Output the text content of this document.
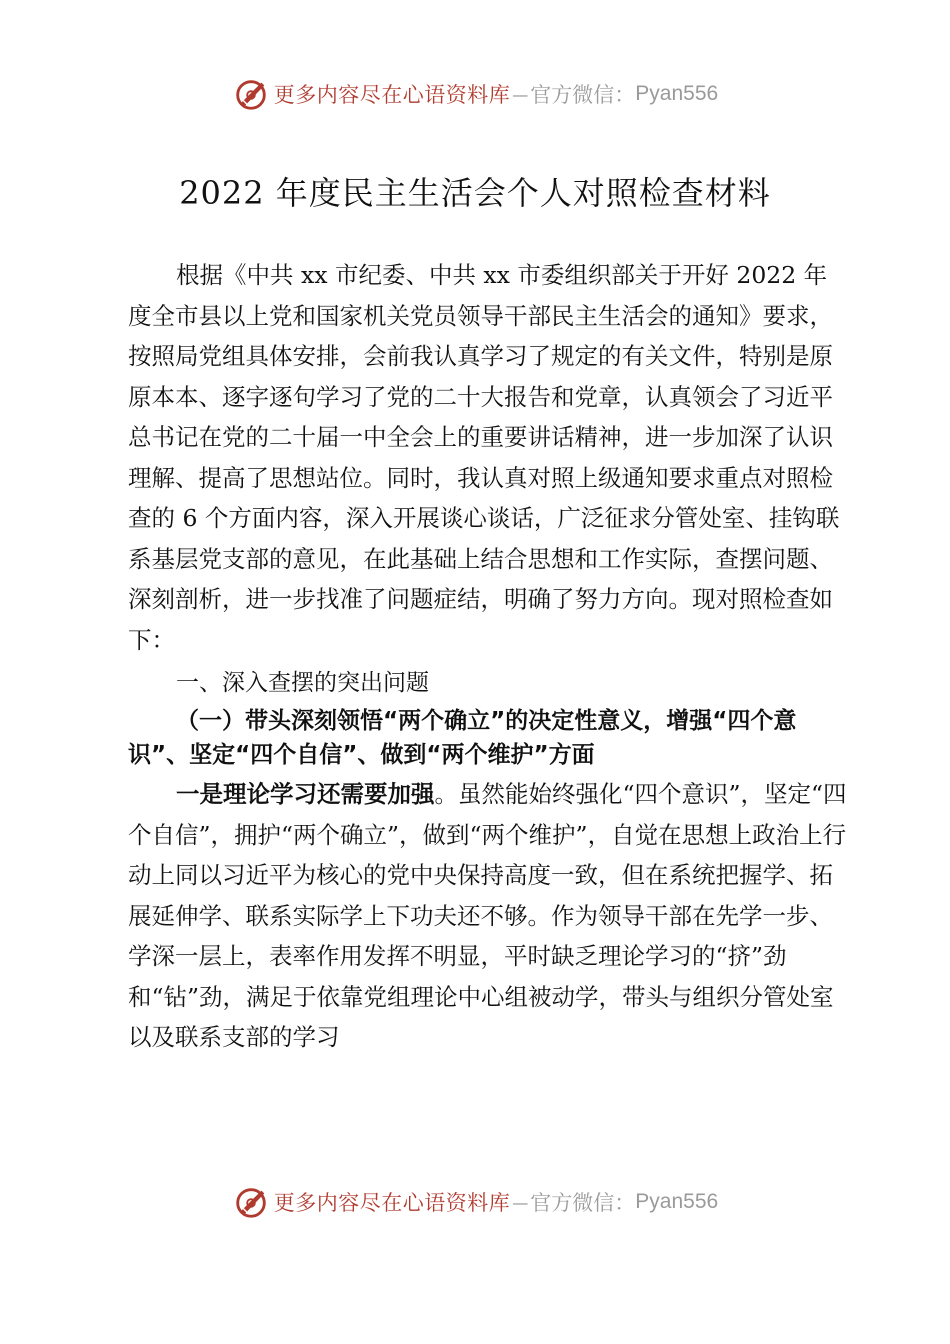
更多内容尽在心语资料库 — 官方微信： Pyan556
2022 年度民主生活会个人对照检查材料

根据《中共 xx 市纪委、中共 xx 市委组织部关于开好 2022 年度全市县以上党和国家机关党员领导干部民主生活会的通知》要求，按照局党组具体安排，会前我认真学习了规定的有关文件，特别是原原本本、逐字逐句学习了党的二十大报告和党章，认真领会了习近平总书记在党的二十届一中全会上的重要讲话精神，进一步加深了认识理解、提高了思想站位。同时，我认真对照上级通知要求重点对照检查的 6 个方面内容，深入开展谈心谈话，广泛征求分管处室、挂钩联系基层党支部的意见，在此基础上结合思想和工作实际，查摆问题、深刻剖析，进一步找准了问题症结，明确了努力方向。现对照检查如下：

一、深入查摆的突出问题
（一）带头深刻领悟“两个确立”的决定性意义，增强“四个意识”、坚定“四个自信”、做到“两个维护”方面

一是理论学习还需要加强。虽然能始终强化“四个意识”，坚定“四个自信”，拥护“两个确立”，做到“两个维护”，自觉在思想上政治上行动上同以习近平为核心的党中央保持高度一致，但在系统把握学、拓展延伸学、联系实际学上下功夫还不够。作为领导干部在先学一步、学深一层上，表率作用发挥不明显，平时缺乏理论学习的“挤”劲和“钻”劲，满足于依靠党组理论中心组被动学，带头与组织分管处室以及联系支部的学习

更多内容尽在心语资料库 — 官方微信： Pyan556
